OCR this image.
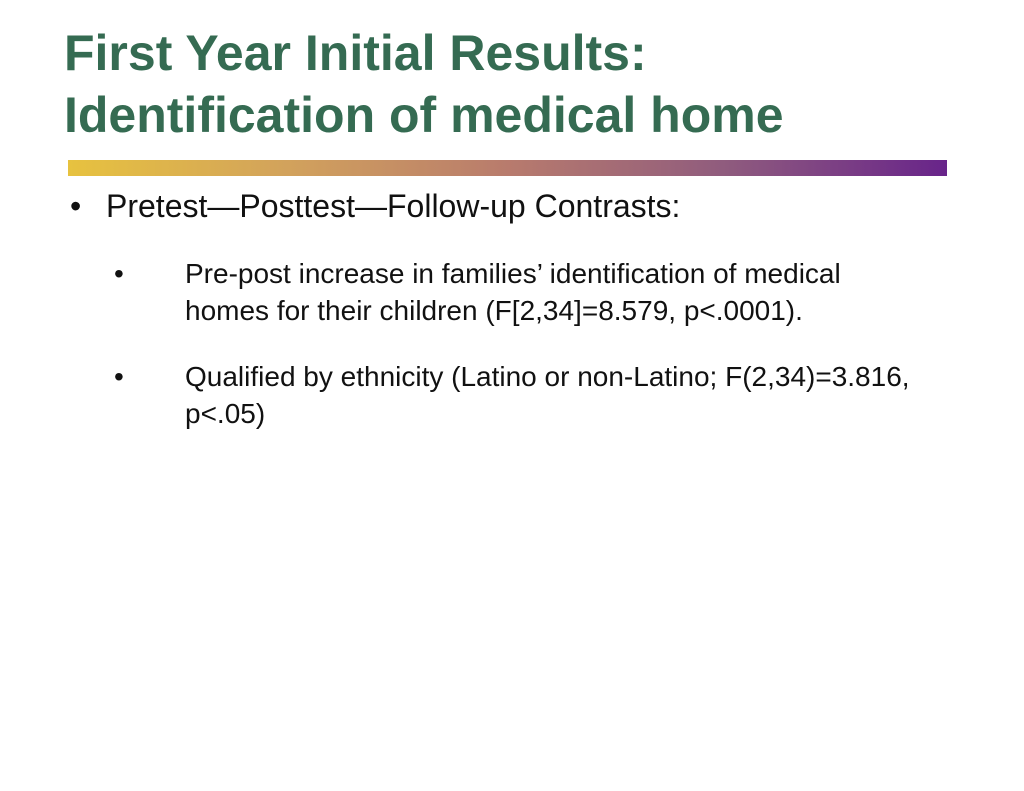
First Year Initial Results:
Identification of medical home
• Pretest—Posttest—Follow-up Contrasts:
• Pre-post increase in families’ identification of medical homes for their children (F[2,34]=8.579, p<.0001).
• Qualified by ethnicity (Latino or non-Latino; F(2,34)=3.816, p<.05)
